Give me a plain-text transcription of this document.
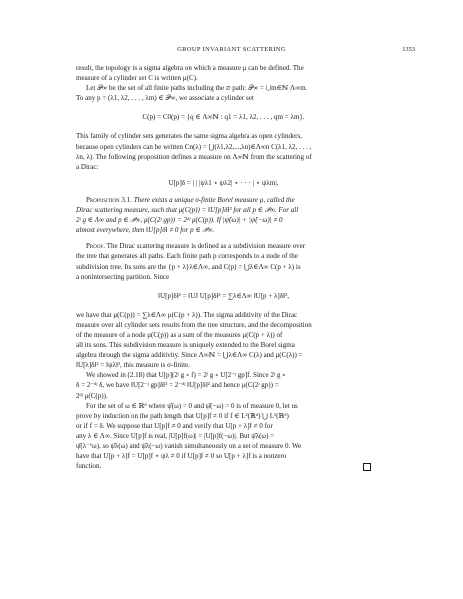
GROUP INVARIANT SCATTERING	1353

result, the topology is a sigma algebra on which a measure μ can be defined. The
measure of a cylinder set C is written μ(C).

Let 𝒫∞ be the set of all finite paths including the ∅ path: 𝒫∞ = ⋃m∈ℕ Λ∞m.
To any p = (λ1, λ2, . . . , λm) ∈ 𝒫∞, we associate a cylinder set

C(p) = C0(p) = {q ∈ Λ∞ℕ : q1 = λ1, λ2, . . . , qm = λm}.

This family of cylinder sets generates the same sigma algebra as open cylinders,
because open cylinders can be written Cn(λ) = ⋃(λ1,λ2,...,λn)∈Λ∞n C(λ1, λ2, . . . ,
λn, λ). The following proposition defines a measure on Λ∞ℕ from the scattering of
a Dirac:

U[p]δ = | | |ψλ1 ⋆ ψλ2| ⋆ · · · | ⋆ ψλm|.

Proposition 3.1. There exists a unique σ-finite Borel measure μ, called the
Dirac scattering measure, such that μ(C(p)) = ‖U[p]δ‖² for all p ∈ 𝒫∞. For all
2ʲ g ∈ Λ∞ and p ∈ 𝒫∞, μ(C(2ʲ gp)) = 2ᵈʲ μ(C(p)). If |ψ̂(ω)| + |ψ̂(−ω)| ≠ 0
almost everywhere, then ‖U[p]δ‖ ≠ 0 for p ∈ 𝒫∞.

Proof. The Dirac scattering measure is defined as a subdivision measure over
the tree that generates all paths. Each finite path p corresponds to a node of the
subdivision tree. Its sons are the {p + λ}λ∈Λ∞, and C(p) = ⋃λ∈Λ∞ C(p + λ) is
a nonintersecting partition. Since

‖U[p]δ‖² = ‖UJ U[p]δ‖² = ∑λ∈Λ∞ ‖U[p + λ]δ‖²,

we have that μ(C(p)) = ∑λ∈Λ∞ μ(C(p + λ)). The sigma additivity of the Dirac
measure over all cylinder sets results from the tree structure, and the decomposition
of the measure of a node μ(C(p)) as a sum of the measures μ(C(p + λ)) of
all its sons. This subdivision measure is uniquely extended to the Borel sigma
algebra through the sigma additivity. Since Λ∞ℕ = ⋃λ∈Λ∞ C(λ) and μ(C(λ)) =
‖U[λ]δ‖² = ‖ψλ‖², this measure is σ-finite.

We showed in (2.18) that U[p](2ʲ g ∘ f) = 2ʲ g ∘ U[2⁻ʲ gp]f. Since 2ʲ g ∘
δ = 2⁻ᵈʲ δ, we have ‖U[2⁻ʲ gp]δ‖² = 2⁻ᵈʲ ‖U[p]δ‖² and hence μ(C(2ʲ gp)) =
2ᵈʲ μ(C(p)).

For the set of ω ∈ ℝᵈ where ψ̂(ω) = 0 and ψ̂(−ω) = 0 is of measure 0, let us
prove by induction on the path length that U[p]f ≠ 0 if f ∈ L²(ℝᵈ) ⋃ L¹(ℝᵈ)
or if f = δ. We suppose that U[p]f ≠ 0 and verify that U[p + λ]f ≠ 0 for
any λ ∈ Λ∞. Since U[p]f is real, |U[p]f(ω)| = |U[p]f(−ω)|. But ψ̂λ(ω) =
ψ̂(λ⁻¹ω), so ψ̂λ(ω) and ψ̂λ(−ω) vanish simultaneously on a set of measure 0. We
have that U[p + λ]f = U[p]f ⋆ ψλ ≠ 0 if U[p]f ≠ 0 so U[p + λ]f is a nonzero
function.
